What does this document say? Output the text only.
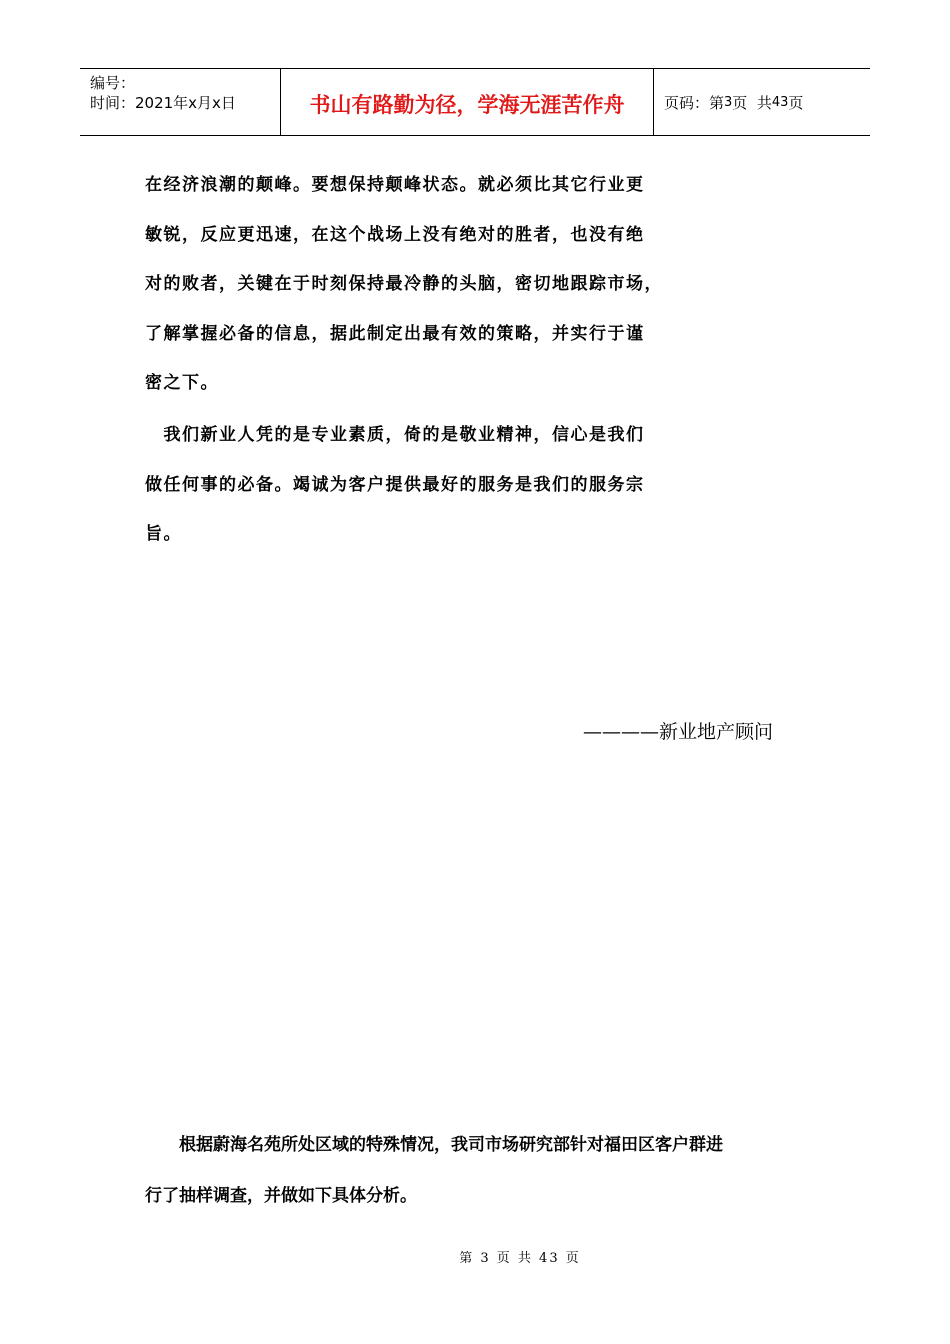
编号：
时间：2021年x月x日	书山有路勤为径，学海无涯苦作舟	页码：第 3 页  共 43 页
在经济浪潮的颠峰。要想保持颠峰状态。就必须比其它行业更
敏锐，反应更迅速，在这个战场上没有绝对的胜者，也没有绝
对的败者，关键在于时刻保持最冷静的头脑，密切地跟踪市场，
了解掌握必备的信息，据此制定出最有效的策略，并实行于谨
密之下。
　我们新业人凭的是专业素质，倚的是敬业精神，信心是我们
做任何事的必备。竭诚为客户提供最好的服务是我们的服务宗
旨。
————新业地产顾问
　　根据蔚海名苑所处区域的特殊情况，我司市场研究部针对福田区客户群进
行了抽样调查，并做如下具体分析。
第 3 页 共 43 页
